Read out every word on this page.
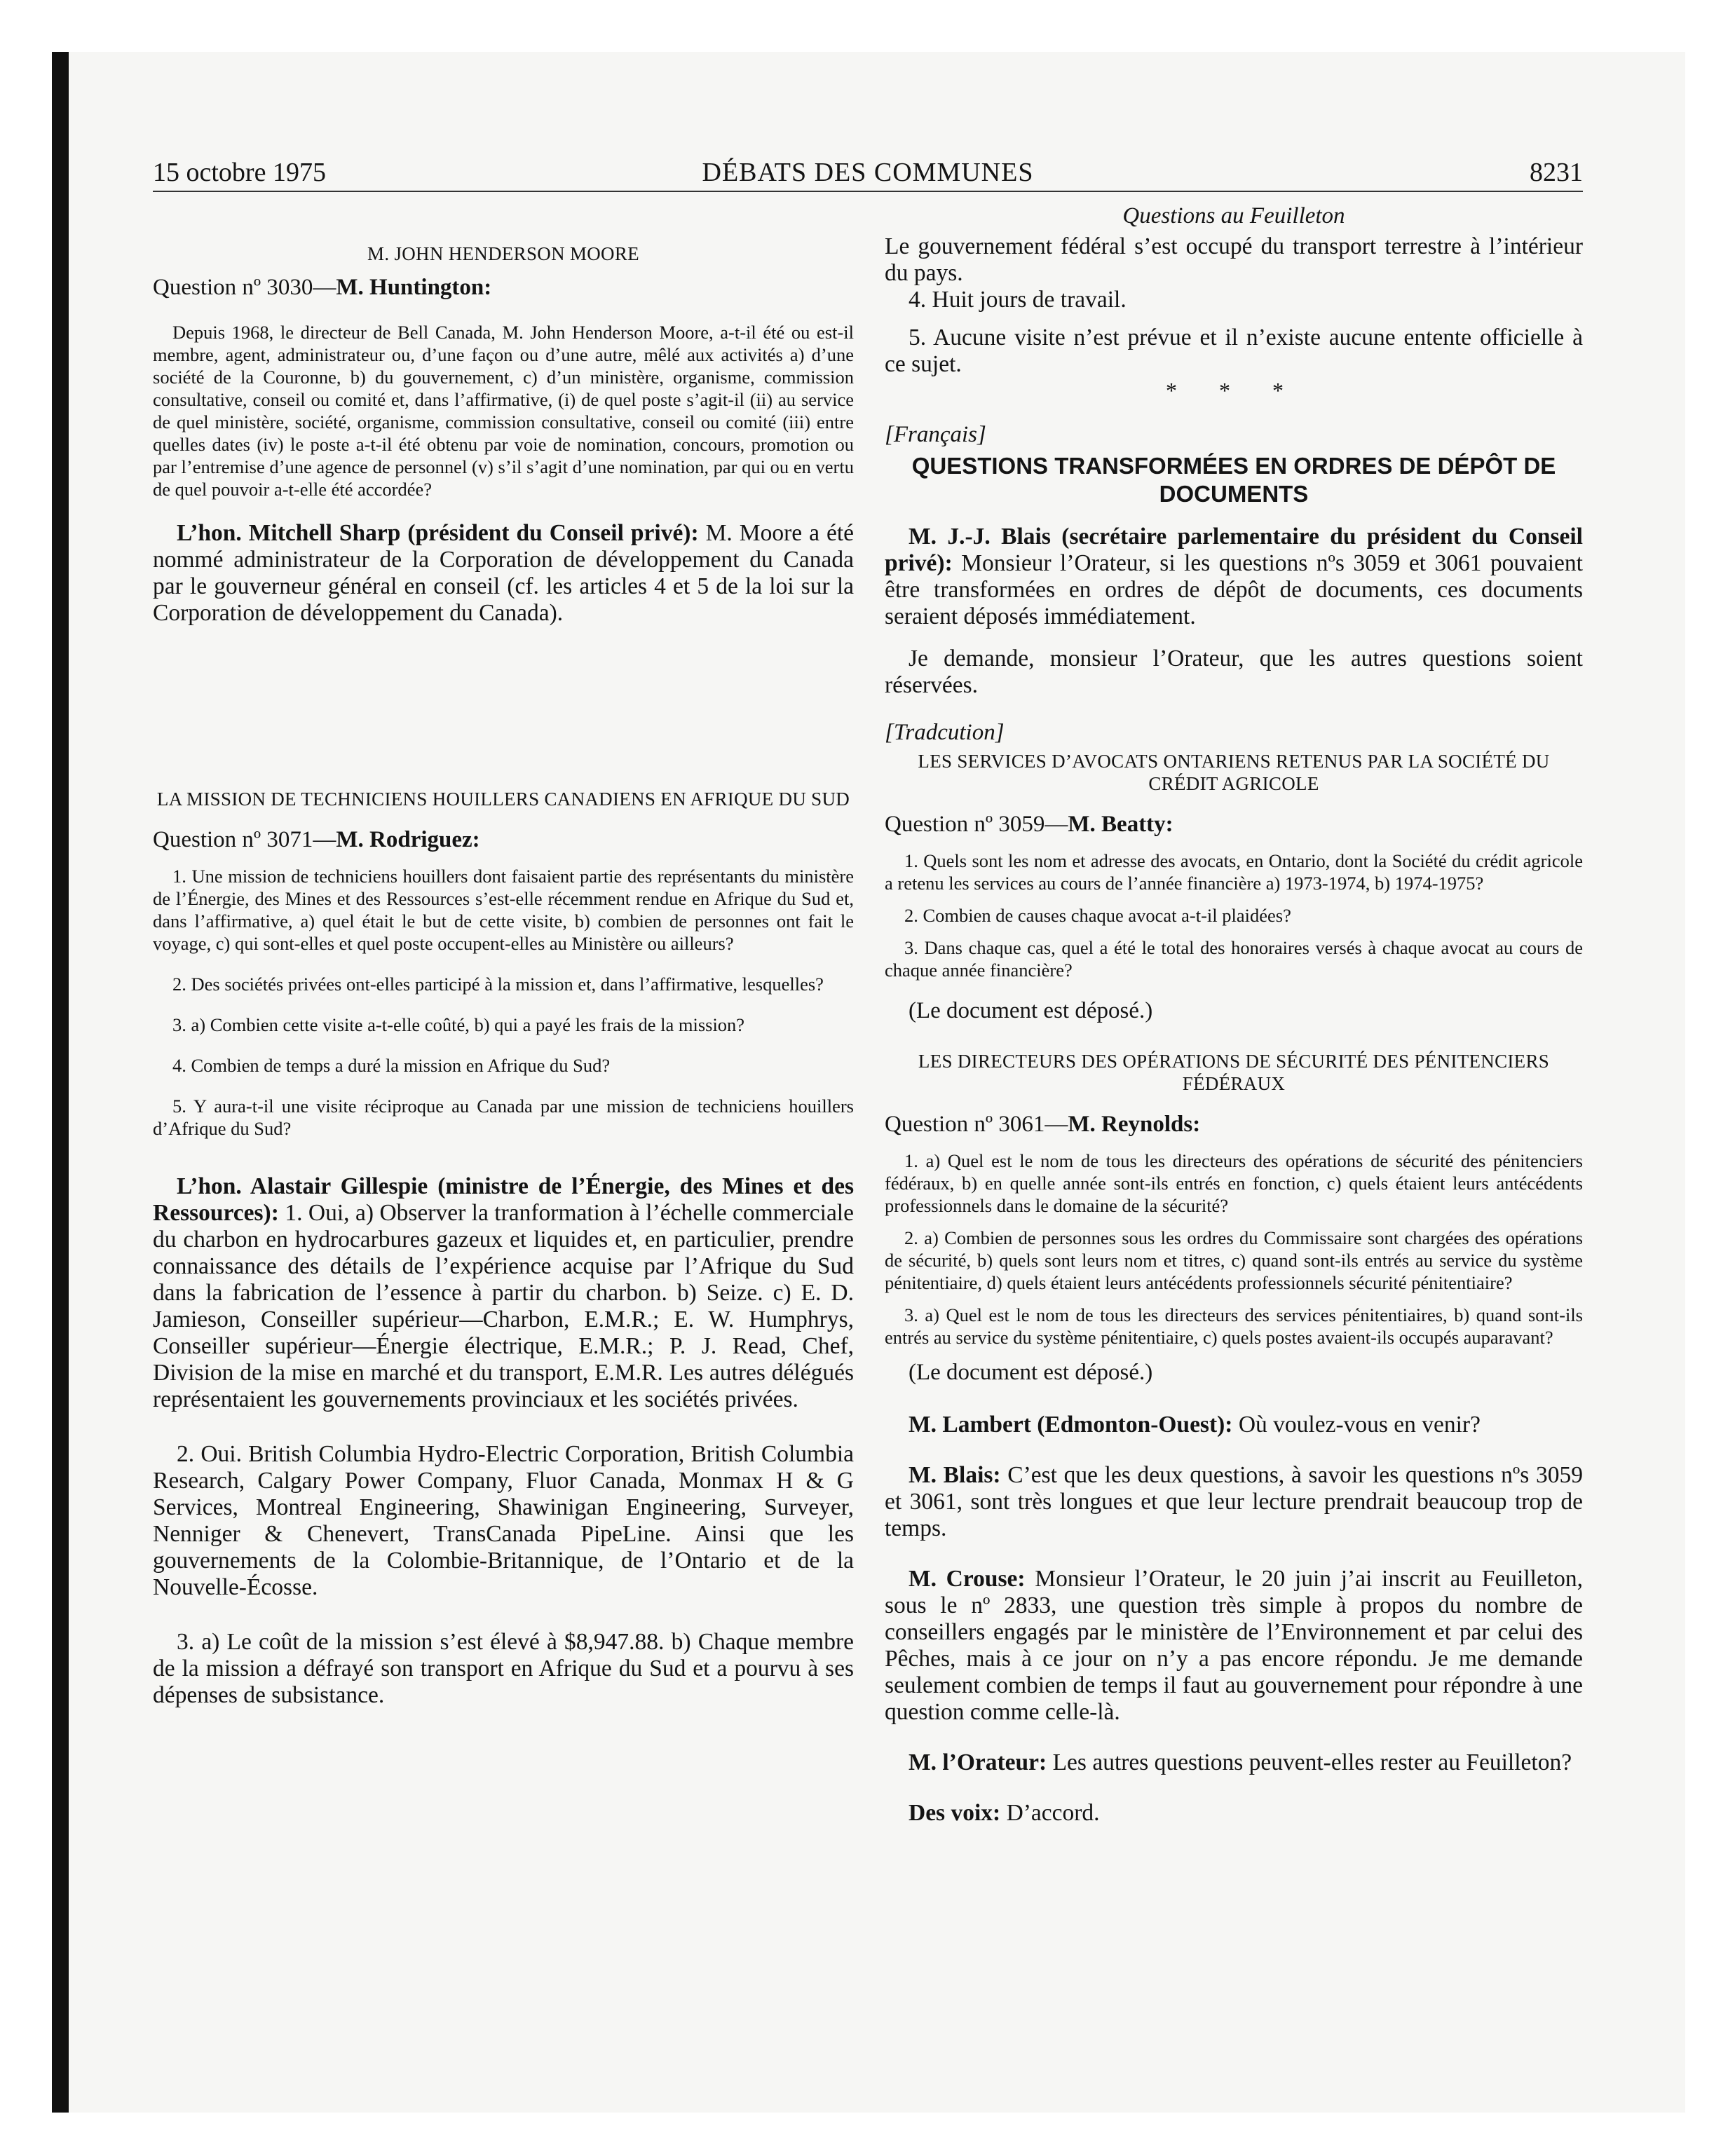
15 octobre 1975	DÉBATS DES COMMUNES	8231

M. JOHN HENDERSON MOORE

Question nº 3030—M. Huntington:

Depuis 1968, le directeur de Bell Canada, M. John Henderson Moore, a-t-il été ou est-il membre, agent, administrateur ou, d’une façon ou d’une autre, mêlé aux activités a) d’une société de la Couronne, b) du gouvernement, c) d’un ministère, organisme, commission consultative, conseil ou comité et, dans l’affirmative, (i) de quel poste s’agit-il (ii) au service de quel ministère, société, organisme, commission consultative, conseil ou comité (iii) entre quelles dates (iv) le poste a-t-il été obtenu par voie de nomination, concours, promotion ou par l’entremise d’une agence de personnel (v) s’il s’agit d’une nomination, par qui ou en vertu de quel pouvoir a-t-elle été accordée?

L’hon. Mitchell Sharp (président du Conseil privé): M. Moore a été nommé administrateur de la Corporation de développement du Canada par le gouverneur général en conseil (cf. les articles 4 et 5 de la loi sur la Corporation de développement du Canada).

LA MISSION DE TECHNICIENS HOUILLERS CANADIENS EN AFRIQUE DU SUD

Question nº 3071—M. Rodriguez:

1. Une mission de techniciens houillers dont faisaient partie des représentants du ministère de l’Énergie, des Mines et des Ressources s’est-elle récemment rendue en Afrique du Sud et, dans l’affirmative, a) quel était le but de cette visite, b) combien de personnes ont fait le voyage, c) qui sont-elles et quel poste occupent-elles au Ministère ou ailleurs?

2. Des sociétés privées ont-elles participé à la mission et, dans l’affirmative, lesquelles?

3. a) Combien cette visite a-t-elle coûté, b) qui a payé les frais de la mission?

4. Combien de temps a duré la mission en Afrique du Sud?

5. Y aura-t-il une visite réciproque au Canada par une mission de techniciens houillers d’Afrique du Sud?

L’hon. Alastair Gillespie (ministre de l’Énergie, des Mines et des Ressources): 1. Oui, a) Observer la tranformation à l’échelle commerciale du charbon en hydrocarbures gazeux et liquides et, en particulier, prendre connaissance des détails de l’expérience acquise par l’Afrique du Sud dans la fabrication de l’essence à partir du charbon. b) Seize. c) E. D. Jamieson, Conseiller supérieur—Charbon, E.M.R.; E. W. Humphrys, Conseiller supérieur—Énergie électrique, E.M.R.; P. J. Read, Chef, Division de la mise en marché et du transport, E.M.R. Les autres délégués représentaient les gouvernements provinciaux et les sociétés privées.

2. Oui. British Columbia Hydro-Electric Corporation, British Columbia Research, Calgary Power Company, Fluor Canada, Monmax H & G Services, Montreal Engineering, Shawinigan Engineering, Surveyer, Nenniger & Chenevert, TransCanada PipeLine. Ainsi que les gouvernements de la Colombie-Britannique, de l’Ontario et de la Nouvelle-Écosse.

3. a) Le coût de la mission s’est élevé à $8,947.88. b) Chaque membre de la mission a défrayé son transport en Afrique du Sud et a pourvu à ses dépenses de subsistance.

Questions au Feuilleton

Le gouvernement fédéral s’est occupé du transport terrestre à l’intérieur du pays.

4. Huit jours de travail.

5. Aucune visite n’est prévue et il n’existe aucune entente officielle à ce sujet.

* * *

[Français]

QUESTIONS TRANSFORMÉES EN ORDRES DE DÉPÔT DE DOCUMENTS

M. J.-J. Blais (secrétaire parlementaire du président du Conseil privé): Monsieur l’Orateur, si les questions nºs 3059 et 3061 pouvaient être transformées en ordres de dépôt de documents, ces documents seraient déposés immédiatement.

Je demande, monsieur l’Orateur, que les autres questions soient réservées.

[Tradcution]

LES SERVICES D’AVOCATS ONTARIENS RETENUS PAR LA SOCIÉTÉ DU CRÉDIT AGRICOLE

Question nº 3059—M. Beatty:

1. Quels sont les nom et adresse des avocats, en Ontario, dont la Société du crédit agricole a retenu les services au cours de l’année financière a) 1973-1974, b) 1974-1975?

2. Combien de causes chaque avocat a-t-il plaidées?

3. Dans chaque cas, quel a été le total des honoraires versés à chaque avocat au cours de chaque année financière?

(Le document est déposé.)

LES DIRECTEURS DES OPÉRATIONS DE SÉCURITÉ DES PÉNITENCIERS FÉDÉRAUX

Question nº 3061—M. Reynolds:

1. a) Quel est le nom de tous les directeurs des opérations de sécurité des pénitenciers fédéraux, b) en quelle année sont-ils entrés en fonction, c) quels étaient leurs antécédents professionnels dans le domaine de la sécurité?

2. a) Combien de personnes sous les ordres du Commissaire sont chargées des opérations de sécurité, b) quels sont leurs nom et titres, c) quand sont-ils entrés au service du système pénitentiaire, d) quels étaient leurs antécédents professionnels sécurité pénitentiaire?

3. a) Quel est le nom de tous les directeurs des services pénitentiaires, b) quand sont-ils entrés au service du système pénitentiaire, c) quels postes avaient-ils occupés auparavant?

(Le document est déposé.)

M. Lambert (Edmonton-Ouest): Où voulez-vous en venir?

M. Blais: C’est que les deux questions, à savoir les questions nºs 3059 et 3061, sont très longues et que leur lecture prendrait beaucoup trop de temps.

M. Crouse: Monsieur l’Orateur, le 20 juin j’ai inscrit au Feuilleton, sous le nº 2833, une question très simple à propos du nombre de conseillers engagés par le ministère de l’Environnement et par celui des Pêches, mais à ce jour on n’y a pas encore répondu. Je me demande seulement combien de temps il faut au gouvernement pour répondre à une question comme celle-là.

M. l’Orateur: Les autres questions peuvent-elles rester au Feuilleton?

Des voix: D’accord.
